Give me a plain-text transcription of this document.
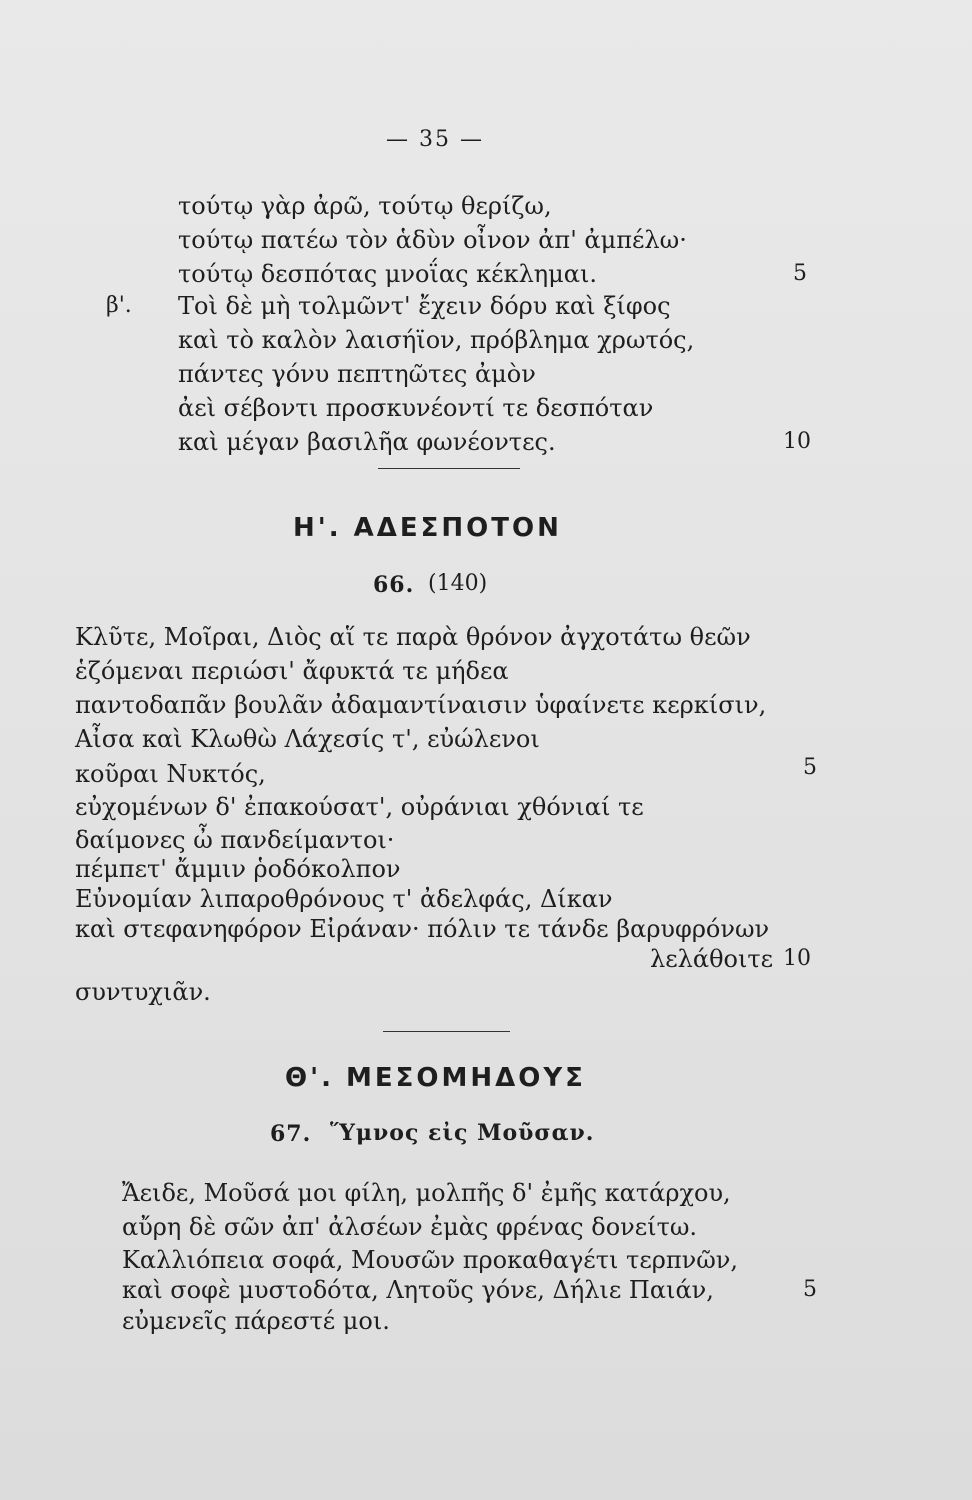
— 35 —
τούτῳ γὰρ ἀρῶ, τούτῳ θερίζω,
τούτῳ πατέω τὸν ἁδὺν οἶνον ἀπ' ἀμπέλω·
τούτῳ δεσπότας μνοΐας κέκλημαι.	5
β'. Τοὶ δὲ μὴ τολμῶντ' ἔχειν δόρυ καὶ ξίφος
καὶ τὸ καλὸν λαισήϊον, πρόβλημα χρωτός,
πάντες γόνυ πεπτηῶτες ἀμὸν
ἀεὶ σέβοντι προσκυνέοντί τε δεσπόταν
καὶ μέγαν βασιλῆα φωνέοντες.	10
Η'. ΑΔΕΣΠΟΤΟΝ
66. (140)
Κλῦτε, Μοῖραι, Διὸς αἵ τε παρὰ θρόνον ἀγχοτάτω θεῶν
ἑζόμεναι περιώσι' ἄφυκτά τε μήδεα
παντοδαπᾶν βουλᾶν ἀδαμαντίναισιν ὑφαίνετε κερκίσιν,
Αἶσα καὶ Κλωθὼ Λάχεσίς τ', εὐώλενοι
κοῦραι Νυκτός,	5
εὐχομένων δ' ἐπακούσατ', οὐράνιαι χθόνιαί τε
δαίμονες ὦ πανδείμαντοι·
πέμπετ' ἄμμιν ῥοδόκολπον
Εὐνομίαν λιπαροθρόνους τ' ἀδελφάς, Δίκαν
καὶ στεφανηφόρον Εἰράναν· πόλιν τε τάνδε βαρυφρόνων
λελάθοιτε 10
συντυχιᾶν.
Θ'. ΜΕΣΟΜΗΔΟΥΣ
67. Ὕμνος εἰς Μοῦσαν.
Ἄειδε, Μοῦσά μοι φίλη, μολπῆς δ' ἐμῆς κατάρχου,
αὔρη δὲ σῶν ἀπ' ἀλσέων ἐμὰς φρένας δονείτω.
Καλλιόπεια σοφά, Μουσῶν προκαθαγέτι τερπνῶν,
καὶ σοφὲ μυστοδότα, Λητοῦς γόνε, Δήλιε Παιάν,	5
εὐμενεῖς πάρεστέ μοι.
